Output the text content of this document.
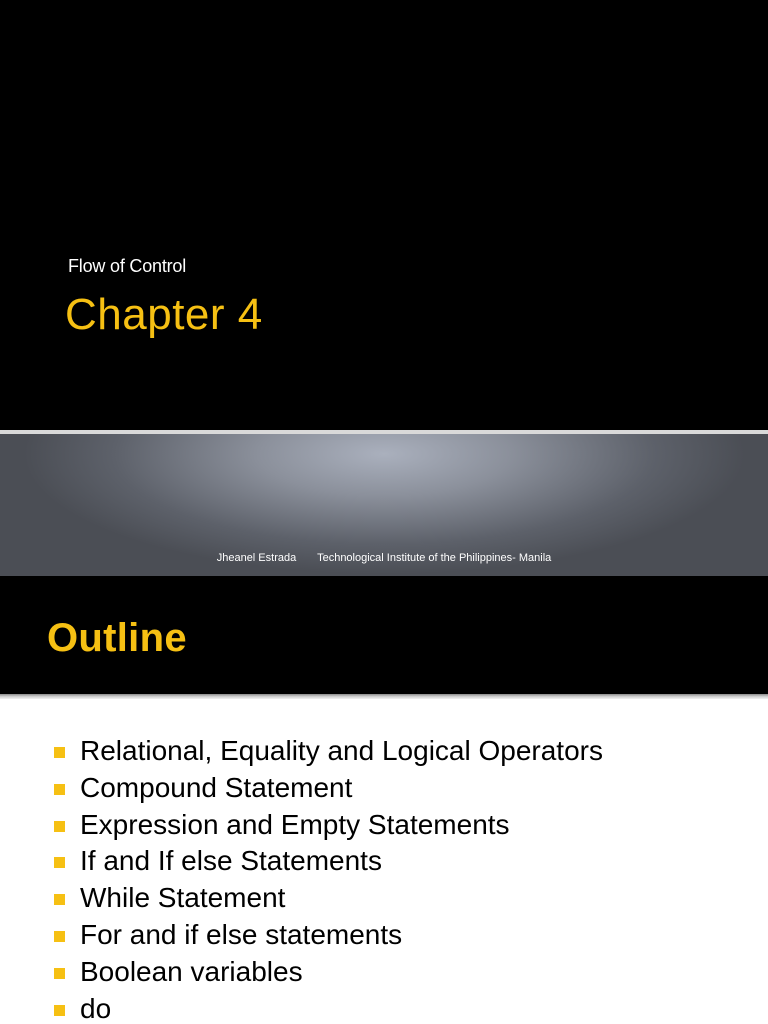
Flow of Control
Chapter 4
Jheanel Estrada Technological Institute of the Philippines- Manila
Outline
Relational, Equality and Logical Operators
Compound Statement
Expression and Empty Statements
If and If else Statements
While Statement
For and if else statements
Boolean variables
do
